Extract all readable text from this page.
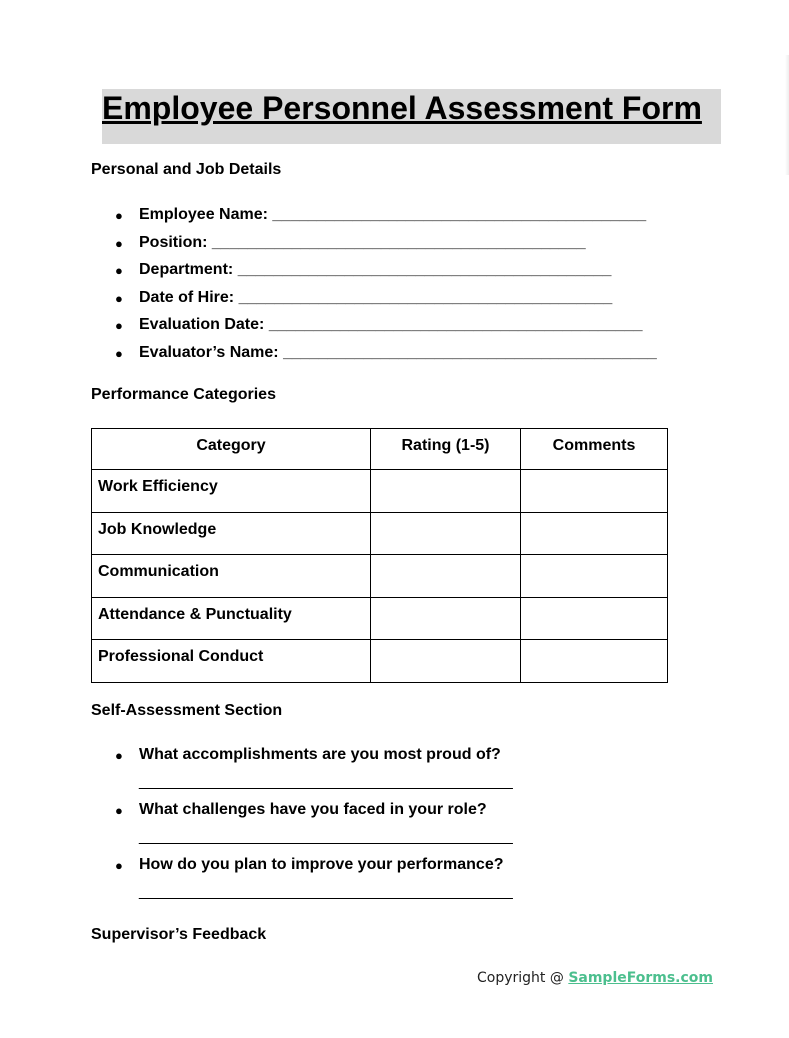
Employee Personnel Assessment Form
Personal and Job Details
● Employee Name: __________________________________________
● Position: __________________________________________
● Department: __________________________________________
● Date of Hire: __________________________________________
● Evaluation Date: __________________________________________
● Evaluator’s Name: __________________________________________
Performance Categories
Category	Rating (1-5)	Comments
Work Efficiency		
Job Knowledge		
Communication		
Attendance & Punctuality		
Professional Conduct		
Self-Assessment Section
● What accomplishments are you most proud of?
__________________________________________
● What challenges have you faced in your role?
__________________________________________
● How do you plan to improve your performance?
__________________________________________
Supervisor’s Feedback
Copyright @ SampleForms.com
